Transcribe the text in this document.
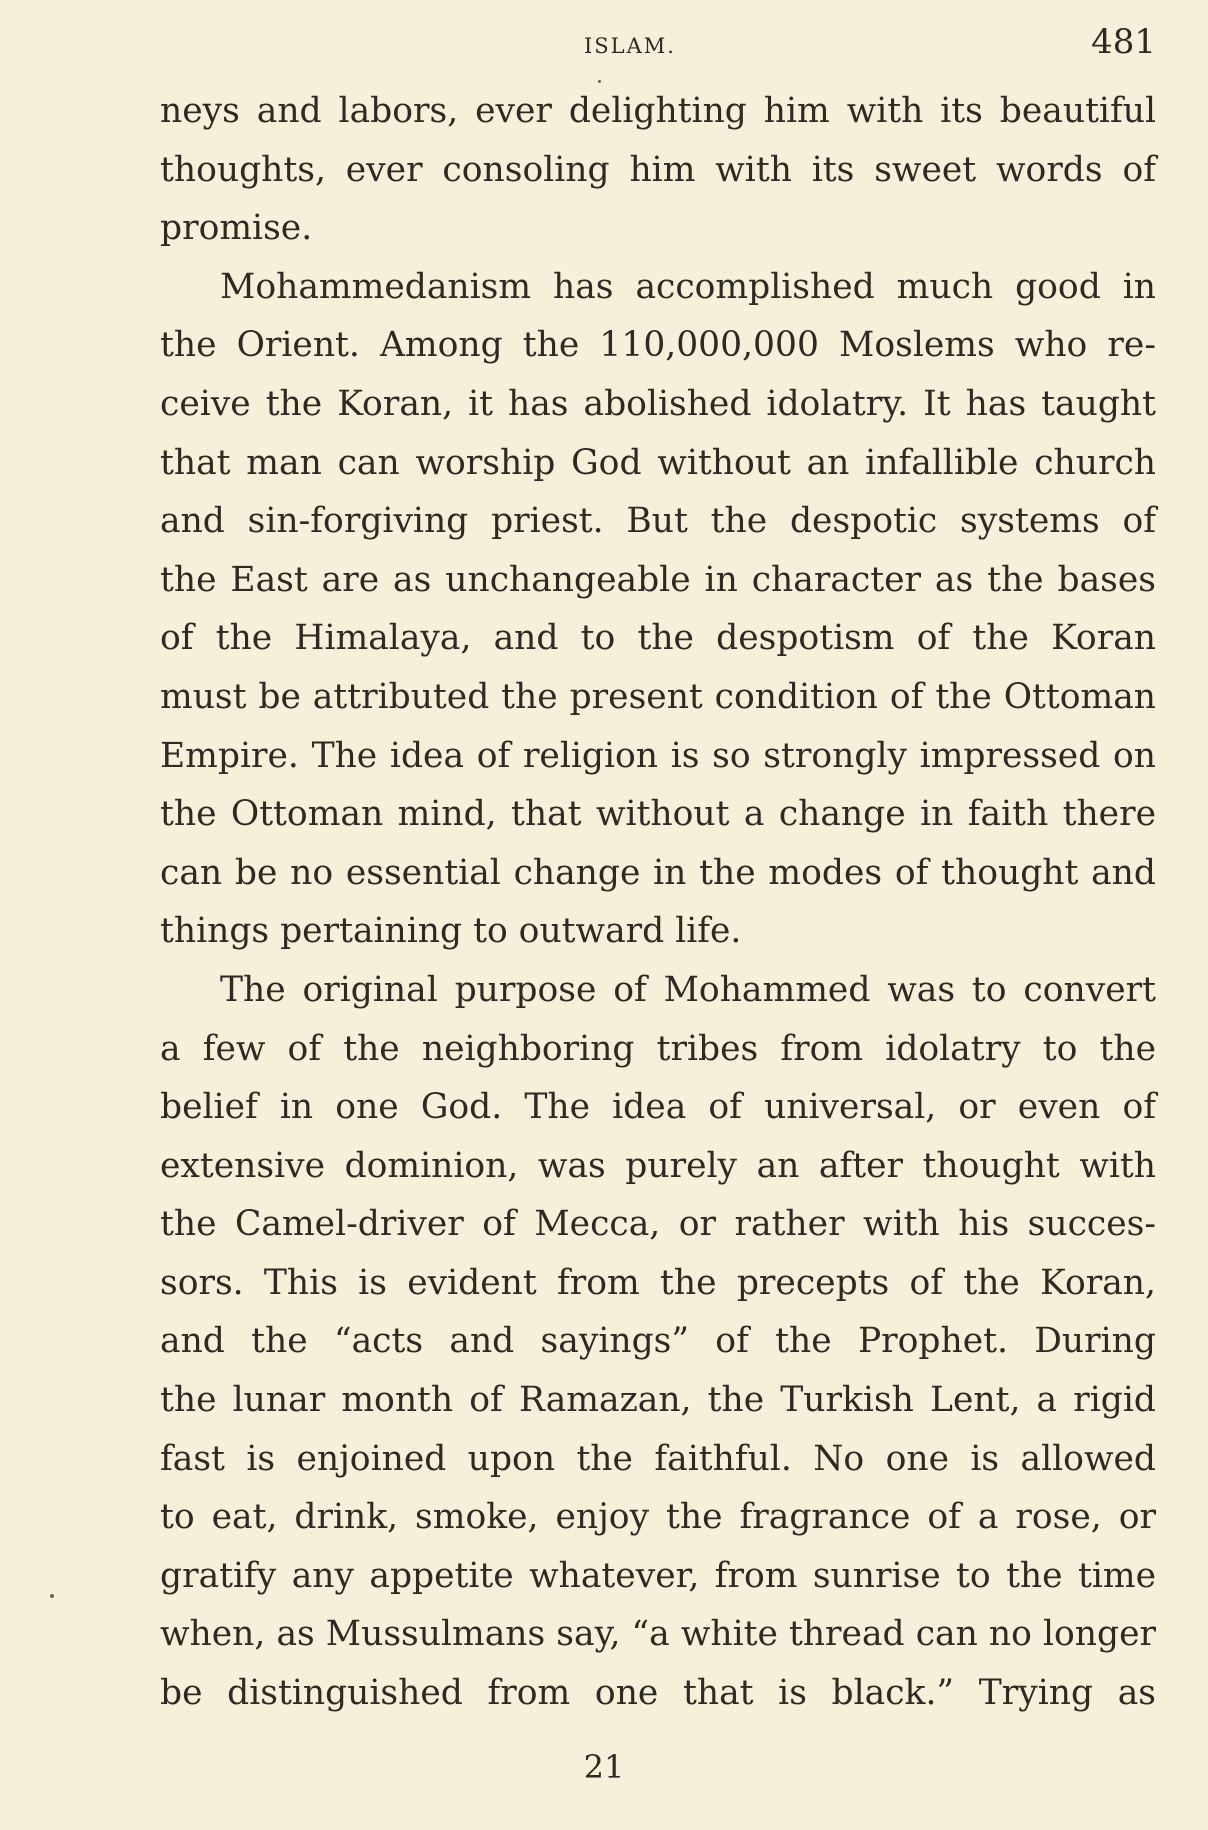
ISLAM.	481
neys and labors, ever delighting him with its beautiful
thoughts, ever consoling him with its sweet words of
promise.
Mohammedanism has accomplished much good in
the Orient. Among the 110,000,000 Moslems who re-
ceive the Koran, it has abolished idolatry. It has taught
that man can worship God without an infallible church
and sin-forgiving priest. But the despotic systems of
the East are as unchangeable in character as the bases
of the Himalaya, and to the despotism of the Koran
must be attributed the present condition of the Ottoman
Empire. The idea of religion is so strongly impressed on
the Ottoman mind, that without a change in faith there
can be no essential change in the modes of thought and
things pertaining to outward life.
The original purpose of Mohammed was to convert
a few of the neighboring tribes from idolatry to the
belief in one God. The idea of universal, or even of
extensive dominion, was purely an after thought with
the Camel-driver of Mecca, or rather with his succes-
sors. This is evident from the precepts of the Koran,
and the “acts and sayings” of the Prophet. During
the lunar month of Ramazan, the Turkish Lent, a rigid
fast is enjoined upon the faithful. No one is allowed
to eat, drink, smoke, enjoy the fragrance of a rose, or
gratify any appetite whatever, from sunrise to the time
when, as Mussulmans say, “a white thread can no longer
be distinguished from one that is black.” Trying as
21
